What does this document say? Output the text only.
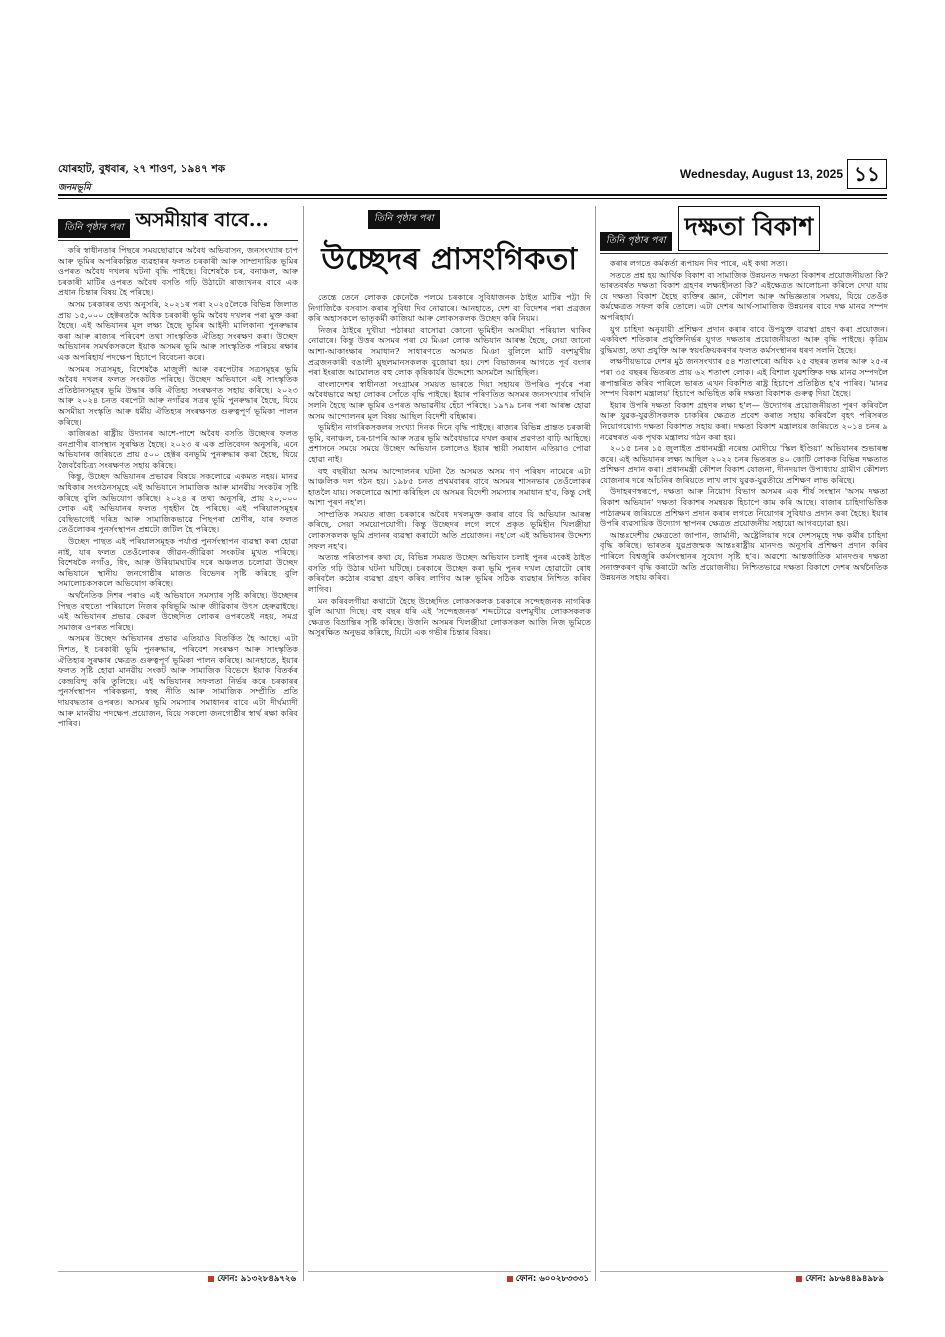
যোৰহাট, বুধবাৰ, ২৭ শাওণ, ১৯৪৭ শক
জনমভূমি
Wednesday, August 13, 2025 ১১
তিনি পৃষ্ঠাৰ পৰা অসমীয়াৰ বাবে...

কৰি স্বাধীনতাৰ পিছৰে সময়ছোৱাৰে অবৈধ অভিবাসন, জনসংখ্যাৰ চাপ আৰু ভূমিৰ অপৰিকল্পিত ব্যৱহাৰৰ ফলত চৰকাৰী আৰু সাম্প্ৰদায়িক ভূমিৰ ওপৰত অবৈধ দখলৰ ঘটনা বৃদ্ধি পাইছে। বিশেষকৈ চৰ, বনাঞ্চল, আৰু চৰকাৰী মাটিৰ ওপৰত অবৈধ বসতি গঢ়ি উঠাটো ৰাজ্যখনৰ বাবে এক প্ৰধান চিন্তাৰ বিষয় হৈ পৰিছে।

অসম চৰকাৰৰ তথ্য অনুসৰি, ২০২১ৰ পৰা ২০২৫লৈকে বিভিন্ন জিলাত প্ৰায় ১৫,০০০ হেক্টৰতকৈ অধিক চৰকাৰী ভূমি অবৈধ দখলৰ পৰা মুক্ত কৰা হৈছে। এই অভিযানৰ মূল লক্ষ্য হৈছে ভূমিৰ আইনী মালিকানা পুনৰুদ্ধাৰ কৰা আৰু ৰাজ্যৰ পৰিবেশ তথা সাংস্কৃতিক ঐতিহ্য সংৰক্ষণ কৰা। উচ্ছেদ অভিযানৰ সমৰ্থকসকলে ইয়াক অসমৰ ভূমি আৰু সাংস্কৃতিক পৰিচয় ৰক্ষাৰ এক অপৰিহাৰ্য পদক্ষেপ হিচাপে বিবেচনা কৰে।

অসমৰ সত্ৰসমূহ, বিশেষকৈ মাজুলী আৰু বৰপেটাৰ সত্ৰসমূহৰ ভূমি অবৈধ দখলৰ ফলত সংকটত পৰিছে। উচ্ছেদ অভিযানে এই সাংস্কৃতিক প্ৰতিষ্ঠানসমূহৰ ভূমি উদ্ধাৰ কৰি ঐতিহ্য সংৰক্ষণত সহায় কৰিছে। ২০২৩ আৰু ২০২৪ চনত বৰপেটা আৰু নগাঁৱৰ সত্ৰৰ ভূমি পুনৰুদ্ধাৰ হৈছে, যিয়ে অসমীয়া সংস্কৃতি আৰু ধৰ্মীয় ঐতিহ্যৰ সংৰক্ষণত গুৰুত্বপূৰ্ণ ভূমিকা পালন কৰিছে।

কাজিৰঙা ৰাষ্ট্ৰীয় উদ্যানৰ আশে-পাশে অবৈধ বসতি উচ্ছেদৰ ফলত বনপ্ৰাণীৰ বাসস্থান সুৰক্ষিত হৈছে। ২০২৩ ৰ এক প্ৰতিবেদন অনুসৰি, এনে অভিযানৰ জৰিয়তে প্ৰায় ৫০০ হেক্টৰ বনভূমি পুনৰুদ্ধাৰ কৰা হৈছে, যিয়ে জৈববৈচিত্ৰ্য সংৰক্ষণত সহায় কৰিছে।

কিন্তু, উচ্ছেদ অভিযানৰ প্ৰভাৱৰ বিষয়ে সকলোৱে একমত নহয়। মানৱ অধিকাৰ সংগঠনসমূহে এই অভিযানে সামাজিক আৰু মানৱীয় সংকটৰ সৃষ্টি কৰিছে বুলি অভিযোগ কৰিছে। ২০২৪ ৰ তথ্য অনুসৰি, প্ৰায় ২০,০০০ লোক এই অভিযানৰ ফলত গৃহহীন হৈ পৰিছে। এই পৰিয়ালসমূহৰ বেছিভাগেই দৰিদ্ৰ আৰু সামাজিকভাৱে পিছপৰা শ্ৰেণীৰ, যাৰ ফলত তেওঁলোকৰ পুনৰ্সংস্থাপন প্ৰশ্নটো জটিল হৈ পৰিছে।

উচ্ছেদ পাছত এই পৰিয়ালসমূহক পৰ্যাপ্ত পুনৰ্সংস্থাপন ব্যৱস্থা কৰা হোৱা নাই, যাৰ ফলত তেওঁলোকৰ জীৱন-জীৱিকা সংকটৰ মুখত পৰিছে। বিশেষকৈ নগাঁও, ধিং, আৰু উৰিয়ামঘাটৰ দৰে অঞ্চলত চলোৱা উচ্ছেদ অভিযানে স্থানীয় জনগোষ্ঠীৰ মাজত বিভেদৰ সৃষ্টি কৰিছে বুলি সমালোচকসকলে অভিযোগ কৰিছে।

অৰ্থনৈতিক দিশৰ পৰাও এই অভিযানে সমস্যাৰ সৃষ্টি কৰিছে। উচ্ছেদৰ পিছত বহুতো পৰিয়ালে নিজৰ কৃষিভূমি আৰু জীৱিকাৰ উৎস হেৰুৱাইছে। এই অভিযানৰ প্ৰভাৱ কেৱল উচ্ছেদিত লোকৰ ওপৰতেই নহয়, সমগ্ৰ সমাজৰ ওপৰত পৰিছে।

অসমৰ উচ্ছেদ অভিযানৰ প্ৰভাৱ এতিয়াও বিতৰ্কিত হৈ আছে। এটা দিশত, ই চৰকাৰী ভূমি পুনৰুদ্ধাৰ, পৰিবেশ সংৰক্ষণ আৰু সাংস্কৃতিক ঐতিহ্যৰ সুৰক্ষাৰ ক্ষেত্ৰত গুৰুত্বপূৰ্ণ ভূমিকা পালন কৰিছে। আনহাতে, ইয়াৰ ফলত সৃষ্টি হোৱা মানৱীয় সংকট আৰু সামাজিক বিভেদে ইয়াক বিতৰ্কৰ কেন্দ্ৰবিন্দু কৰি তুলিছে। এই অভিযানৰ সফলতা নিৰ্ভৰ কৰে চৰকাৰৰ পুনৰ্সংস্থাপন পৰিকল্পনা, স্বচ্ছ নীতি আৰু সামাজিক সম্প্ৰীতি প্ৰতি দায়বদ্ধতাৰ ওপৰত। অসমৰ ভূমি সমস্যাৰ সমাধানৰ বাবে এটা দীৰ্ঘম্যাদী আৰু মানৱীয় পদক্ষেপ প্ৰয়োজন, যিয়ে সকলো জনগোষ্ঠীৰ স্বাৰ্থ ৰক্ষা কৰিব পাৰিব।

ফোন: ৯১৩২৮৪৯৭২৬
তিনি পৃষ্ঠাৰ পৰা
উচ্ছেদৰ প্ৰাসংগিকতা

তেন্তে তেনে লোকক কেনেকৈ পলমে চৰকাৰে সুবিধাজনক ঠাইত মাটিৰ পট্টা দি নিগাজিকৈ বসবাস কৰাৰ সুবিধা দিব নোৱাৰে। আনহাতে, দেশ বা বিদেশৰ পৰা প্ৰব্ৰজন কৰি অহাসকলে ভাতৃকৰ্মী কাজিয়া আৰু লোকসকলক উচ্ছেদ কৰি নিয়ম।

নিজৰ ঠাইৰে দুখীয়া পঠাৰয়া বাসোৱা কোনো ভূমিহীন অসমীয়া পৰিয়াল থাকিব নোৱাৰে। কিন্তু উত্তৰ অসমৰ পৰা যে মিঞা লোক অভিযান আৰম্ভ হৈছে, সেয়া জানো আশা-আকাংক্ষাৰ সমাধান? সাধাৰণতে অসমত মিঞা বুলিলে মাটি বংশমুখীয় প্ৰব্ৰজনকাৰী বঙালী মুছলমানসকলক বুজোৱা হয়। দেশ বিভাজনৰ আগতে পূৰ্ব বংগৰ পৰা ইংৰাজ আমোলত বহু লোক কৃষিকাৰ্যৰ উদ্দেশ্যে অসমলৈ আহিছিল।

বাংলাদেশৰ স্বাধীনতা সংগ্ৰামৰ সময়ত ভাৰতে দিয়া সহায়ৰ উপৰিও পূৰ্বৰে পৰা অবৈধভাৱে অহা লোকৰ সোঁতে বৃদ্ধি পাইছে। ইয়াৰ পৰিণতিত অসমৰ জনসংখ্যাৰ গাঁথনি সলনি হৈছে আৰু ভূমিৰ ওপৰত অভাৱনীয় হেঁচা পৰিছে। ১৯৭৯ চনৰ পৰা আৰম্ভ হোৱা অসম আন্দোলনৰ মূল বিষয় আছিল বিদেশী বহিষ্কাৰ।

ভূমিহীন নাগৰিকসকলৰ সংখ্যা দিনক দিনে বৃদ্ধি পাইছে। ৰাজ্যৰ বিভিন্ন প্ৰান্তত চৰকাৰী ভূমি, বনাঞ্চল, চৰ-চাপৰি আৰু সত্ৰৰ ভূমি অবৈধভাৱে দখল কৰাৰ প্ৰৱণতা বাঢ়ি আহিছে। প্ৰশাসনে সময়ে সময়ে উচ্ছেদ অভিযান চলালেও ইয়াৰ স্থায়ী সমাধান এতিয়াও পোৱা হোৱা নাই।

বহু বছৰীয়া অসম আন্দোলনৰ ঘটনা তৈ অসমত অসম গণ পৰিষদ নামেৰে এটা আঞ্চলিক দল গঠন হয়। ১৯৮৫ চনত প্ৰথমবাৰৰ বাবে অসমৰ শাসনভাৰ তেওঁলোকৰ হাতলৈ যায়। সকলোৱে আশা কৰিছিল যে অসমৰ বিদেশী সমস্যাৰ সমাধান হ'ব, কিন্তু সেই আশা পূৰণ নহ'ল।

সাম্প্ৰতিক সময়ত ৰাজ্য চৰকাৰে অবৈধ দখলমুক্ত কৰাৰ বাবে যি অভিযান আৰম্ভ কৰিছে, সেয়া সময়োপযোগী। কিন্তু উচ্ছেদৰ লগে লগে প্ৰকৃত ভূমিহীন খিলঞ্জীয়া লোকসকলক ভূমি প্ৰদানৰ ব্যৱস্থা কৰাটো অতি প্ৰয়োজন। নহ'লে এই অভিযানৰ উদ্দেশ্য সফল নহ'ব।

অত্যন্ত পৰিতাপৰ কথা যে, বিভিন্ন সময়ত উচ্ছেদ অভিযান চলাই পুনৰ একেই ঠাইত বসতি গঢ়ি উঠাৰ ঘটনা ঘটিছে। চৰকাৰে উচ্ছেদ কৰা ভূমি পুনৰ দখল হোৱাটো ৰোধ কৰিবলৈ কঠোৰ ব্যৱস্থা গ্ৰহণ কৰিব লাগিব আৰু ভূমিৰ সঠিক ব্যৱহাৰ নিশ্চিত কৰিব লাগিব।

মন কৰিবলগীয়া কথাটো হৈছে উচ্ছেদিত লোকসকলক চৰকাৰে সন্দেহজনক নাগৰিক বুলি আখ্যা দিছে। বহু বছৰ ধৰি এই 'সন্দেহজনক' শব্দটোৱে বংশমুখীয় লোকসকলক ক্ষেত্ৰত বিভ্ৰান্তিৰ সৃষ্টি কৰিছে। উজনি অসমৰ খিলঞ্জীয়া লোকসকল আজি নিজ ভূমিতে অসুৰক্ষিত অনুভৱ কৰিছে, যিটো এক গভীৰ চিন্তাৰ বিষয়।

ফোন: ৬০০২৮৩৩৩১
তিনি পৃষ্ঠাৰ পৰা দক্ষতা বিকাশ

কৰাৰ লগতে কৰ্মকৰ্তা ৰূপায়ন দিব পাৰে, এই কথা সত্য।

সততে প্ৰশ্ন হয় আৰ্থিক বিকাশ বা সামাজিক উন্নয়নত দক্ষতা বিকাশৰ প্ৰয়োজনীয়তা কি? ভাৰতবৰ্ষত দক্ষতা বিকাশ গ্ৰহণৰ লক্ষ্যহীনতা কি? এইক্ষেত্ৰত আলোচনা কৰিলে দেখা যায় যে দক্ষতা বিকাশ হৈছে ব্যক্তিৰ জ্ঞান, কৌশল আৰু অভিজ্ঞতাৰ সমন্বয়, যিয়ে তেওঁক কৰ্মক্ষেত্ৰত সফল কৰি তোলে। এটা দেশৰ আৰ্থ-সামাজিক উন্নয়নৰ বাবে দক্ষ মানৱ সম্পদ অপৰিহাৰ্য।

যুগ চাহিদা অনুযায়ী প্ৰশিক্ষণ প্ৰদান কৰাৰ বাবে উপযুক্ত ব্যৱস্থা গ্ৰহণ কৰা প্ৰয়োজন। একবিংশ শতিকাৰ প্ৰযুক্তিনিৰ্ভৰ যুগত দক্ষতাৰ প্ৰয়োজনীয়তা আৰু বৃদ্ধি পাইছে। কৃত্ৰিম বুদ্ধিমত্তা, তথ্য প্ৰযুক্তি আৰু স্বয়ংক্ৰিয়কৰণৰ ফলত কৰ্মসংস্থানৰ ধৰণ সলনি হৈছে।

লক্ষণীয়ভাৱে দেশৰ মুঠ জনসংখ্যাৰ ৫৪ শতাংশৰো অধিক ২৫ বছৰৰ তলৰ আৰু ২৫-ৰ পৰা ৩৫ বছৰৰ ভিতৰত প্ৰায় ৬২ শতাংশ লোক। এই বিশাল যুৱশক্তিক দক্ষ মানৱ সম্পদলৈ ৰূপান্তৰিত কৰিব পাৰিলে ভাৰত এখন বিকশিত ৰাষ্ট্ৰ হিচাপে প্ৰতিষ্ঠিত হ'ব পাৰিব। 'মানৱ সম্পদ বিকাশ মন্ত্ৰালয়' হিচাপে অভিহিত কৰি দক্ষতা বিকাশক গুৰুত্ব দিয়া হৈছে।

ইয়াৰ উপৰি দক্ষতা বিকাশ গ্ৰহণৰ লক্ষ্য হ'ল— উদ্যোগৰ প্ৰয়োজনীয়তা পূৰণ কৰিবলৈ আৰু যুৱক-যুৱতীসকলক চাকৰিৰ ক্ষেত্ৰত প্ৰবেশ কৰাত সহায় কৰিবলৈ বৃহৎ পৰিসৰত নিয়োগযোগ্য দক্ষতা বিকাশত সহায় কৰা। দক্ষতা বিকাশ মন্ত্ৰালয়ৰ জৰিয়তে ২০১৪ চনৰ ৯ নৱেম্বৰত এক পৃথক মন্ত্ৰালয় গঠন কৰা হয়।

২০১৫ চনৰ ১৫ জুলাইত প্ৰধানমন্ত্ৰী নৰেন্দ্ৰ মোদীয়ে 'স্কিল ইণ্ডিয়া' অভিযানৰ শুভাৰম্ভ কৰে। এই অভিযানৰ লক্ষ্য আছিল ২০২২ চনৰ ভিতৰত ৪০ কোটি লোকক বিভিন্ন দক্ষতাত প্ৰশিক্ষণ প্ৰদান কৰা। প্ৰধানমন্ত্ৰী কৌশল বিকাশ যোজনা, দীনদয়াল উপাধ্যায় গ্ৰামীণ কৌশল্য যোজনাৰ দৰে আঁচনিৰ জৰিয়তে লাখ লাখ যুৱক-যুৱতীয়ে প্ৰশিক্ষণ লাভ কৰিছে।

উদাহৰণস্বৰূপে, দক্ষতা আৰু নিয়োগ বিভাগ অসমৰ এক শীৰ্ষ সংস্থান 'অসম দক্ষতা বিকাশ অভিযান' দক্ষতা বিকাশৰ সমন্বয়ক হিচাপে কাম কৰি আছে। বাজাৰ চাহিদাভিত্তিক পাঠ্যক্ৰমৰ জৰিয়তে প্ৰশিক্ষণ প্ৰদান কৰাৰ লগতে নিয়োগৰ সুবিধাও প্ৰদান কৰা হৈছে। ইয়াৰ উপৰি ব্যৱসায়িক উদ্যোগ স্থাপনৰ ক্ষেত্ৰত প্ৰয়োজনীয় সহায়ো আগবঢ়োৱা হয়।

আন্তঃদেশীয় ক্ষেত্ৰতো জাপান, জাৰ্মানী, অষ্ট্ৰেলিয়াৰ দৰে দেশসমূহে দক্ষ কৰ্মীৰ চাহিদা বৃদ্ধি কৰিছে। ভাৰতৰ যুৱপ্ৰজন্মক আন্তঃৰাষ্ট্ৰীয় মানদণ্ড অনুসৰি প্ৰশিক্ষণ প্ৰদান কৰিব পাৰিলে বিশ্বজুৰি কৰ্মসংস্থানৰ সুযোগ সৃষ্টি হ'ব। অৱশ্যে আন্তৰ্জাতিক মানদণ্ডৰ দক্ষতা সনাক্তকৰণ বৃদ্ধি কৰাটো অতি প্ৰয়োজনীয়। নিশ্চিতভাৱে দক্ষতা বিকাশে দেশৰ অৰ্থনৈতিক উন্নয়নত সহায় কৰিব।

ফোন: ৯৮৬৪৪৯৪৯৮৯
